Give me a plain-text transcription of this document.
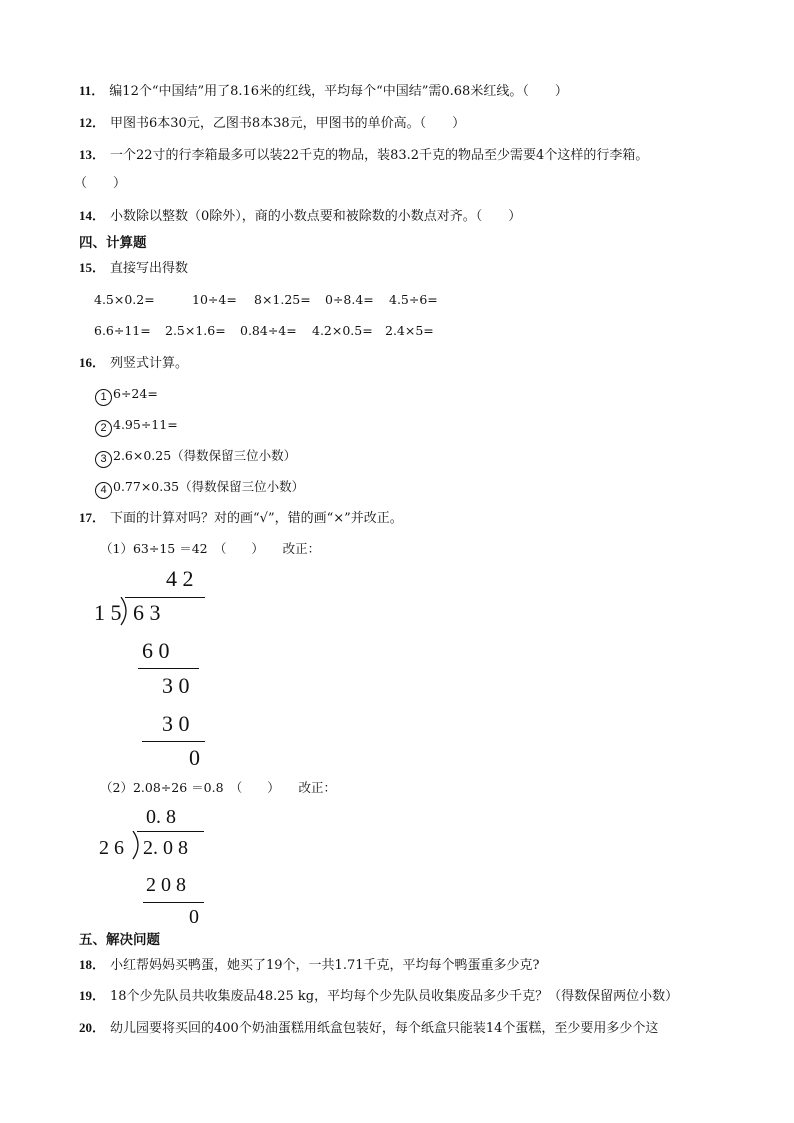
11． 编12个“中国结”用了8.16米的红线，平均每个“中国结”需0.68米红线。（　　）
12． 甲图书6本30元，乙图书8本38元，甲图书的单价高。（　　）
13． 一个22寸的行李箱最多可以装22千克的物品，装83.2千克的物品至少需要4个这样的行李箱。
（　　）
14． 小数除以整数（0除外），商的小数点要和被除数的小数点对齐。（　　）
四、计算题
15． 直接写出得数
4.5×0.2=	10÷4= 8×1.25= 0÷8.4= 4.5÷6=
6.6÷11= 2.5×1.6= 0.84÷4= 4.2×0.5= 2.4×5=
16． 列竖式计算。
1 6÷24=
2 4.95÷11=
3 2.6×0.25（得数保留三位小数）
4 0.77×0.35（得数保留三位小数）
17． 下面的计算对吗？对的画“√”，错的画“×”并改正。
（1）63÷15 ＝42　（　　）　　改正：
4 2
1 5 6 3
6 0
3 0
3 0
0
（2）2.08÷26 ＝0.8　（　　）　　改正：
0. 8
2 6 2. 0 8
2 0 8
0
五、解决问题
18． 小红帮妈妈买鸭蛋，她买了19个，一共1.71千克，平均每个鸭蛋重多少克?
19． 18个少先队员共收集废品48.25 kg，平均每个少先队员收集废品多少千克？（得数保留两位小数）
20． 幼儿园要将买回的400个奶油蛋糕用纸盒包装好，每个纸盒只能装14个蛋糕，至少要用多少个这
